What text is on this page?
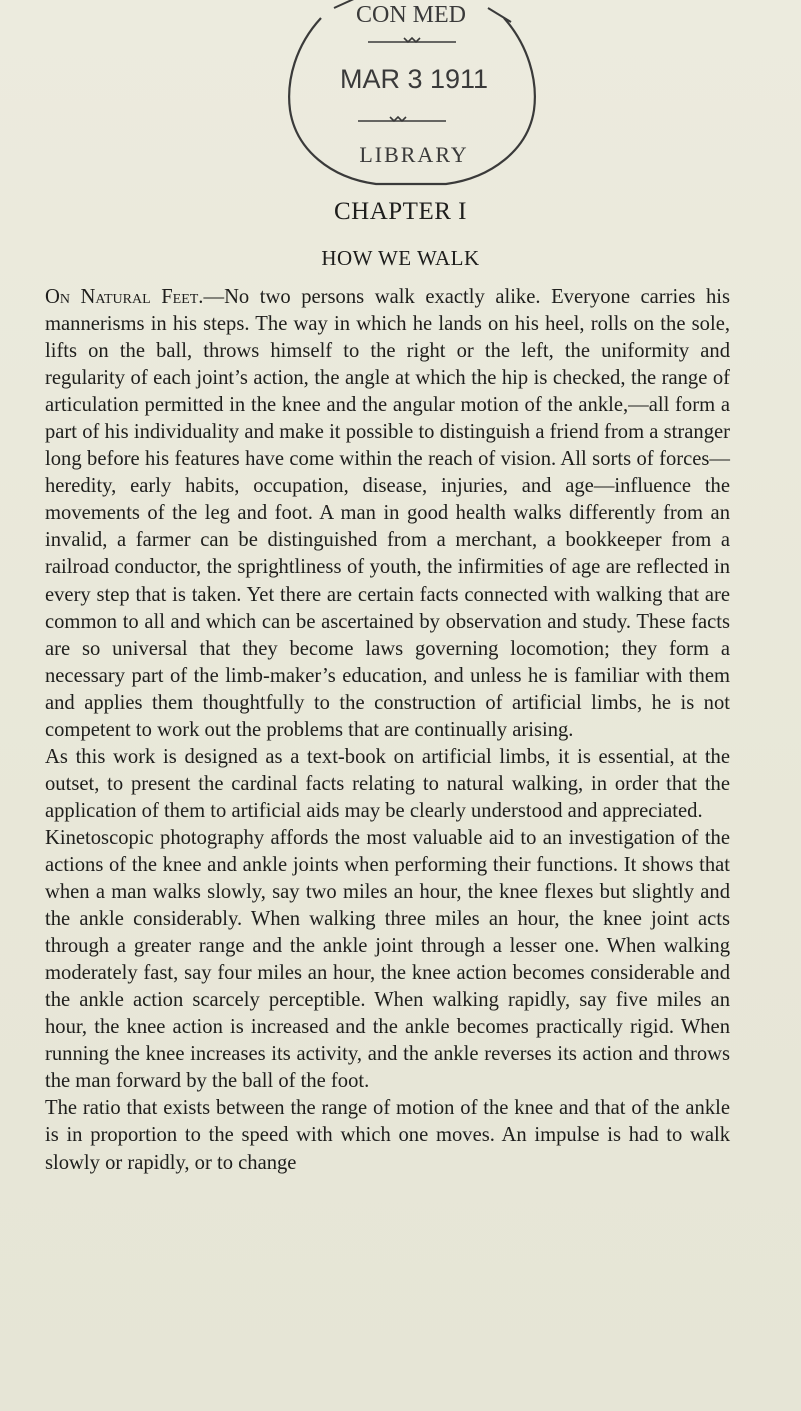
CON MED
MAR 3 1911
LIBRARY
CHAPTER I
HOW WE WALK

On Natural Feet.—No two persons walk exactly alike. Everyone carries his mannerisms in his steps. The way in which he lands on his heel, rolls on the sole, lifts on the ball, throws himself to the right or the left, the uniformity and regularity of each joint’s action, the angle at which the hip is checked, the range of articulation permitted in the knee and the angular motion of the ankle,—all form a part of his individuality and make it possible to distinguish a friend from a stranger long before his features have come within the reach of vision. All sorts of forces—heredity, early habits, occupation, disease, injuries, and age—influence the movements of the leg and foot. A man in good health walks differently from an invalid, a farmer can be distinguished from a merchant, a bookkeeper from a railroad conductor, the sprightliness of youth, the infirmities of age are reflected in every step that is taken. Yet there are certain facts connected with walking that are common to all and which can be ascertained by observation and study. These facts are so universal that they become laws governing locomotion; they form a necessary part of the limb-maker’s education, and unless he is familiar with them and applies them thoughtfully to the construction of artificial limbs, he is not competent to work out the problems that are continually arising.

As this work is designed as a text-book on artificial limbs, it is essential, at the outset, to present the cardinal facts relating to natural walking, in order that the application of them to artificial aids may be clearly understood and appreciated.

Kinetoscopic photography affords the most valuable aid to an investigation of the actions of the knee and ankle joints when performing their functions. It shows that when a man walks slowly, say two miles an hour, the knee flexes but slightly and the ankle considerably. When walking three miles an hour, the knee joint acts through a greater range and the ankle joint through a lesser one. When walking moderately fast, say four miles an hour, the knee action becomes considerable and the ankle action scarcely perceptible. When walking rapidly, say five miles an hour, the knee action is increased and the ankle becomes practically rigid. When running the knee increases its activity, and the ankle reverses its action and throws the man forward by the ball of the foot.

The ratio that exists between the range of motion of the knee and that of the ankle is in proportion to the speed with which one moves. An impulse is had to walk slowly or rapidly, or to change
